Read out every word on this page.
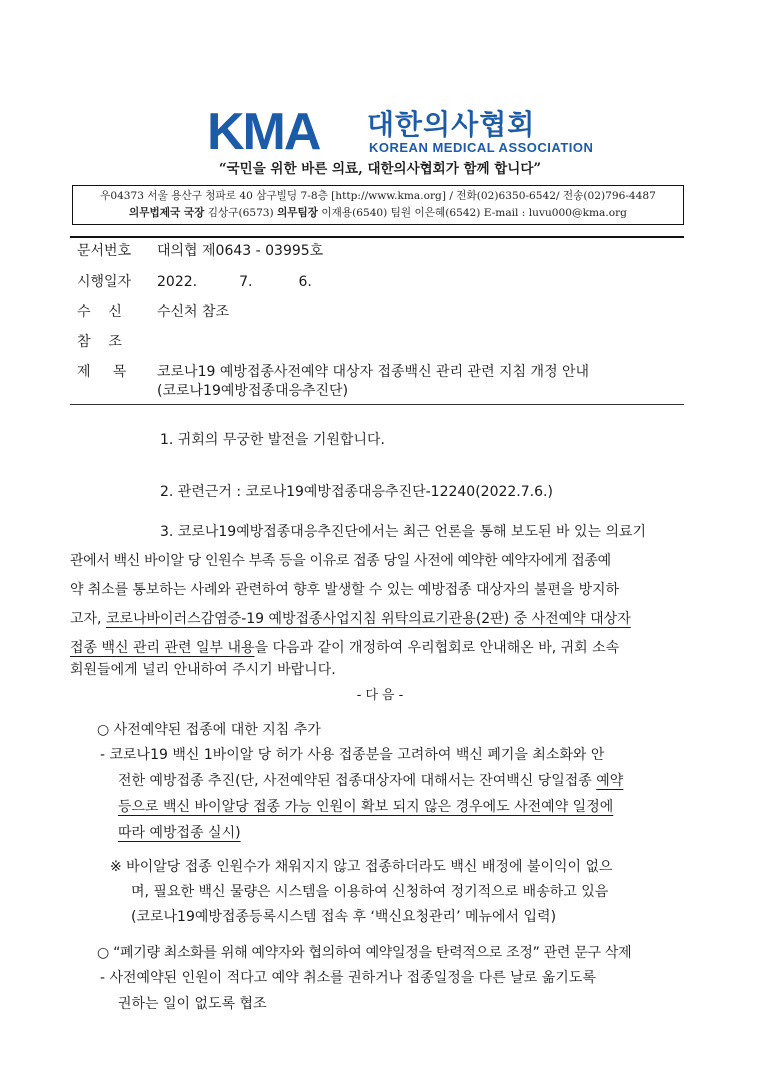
KMA 대한의사협회
KOREAN MEDICAL ASSOCIATION
“국민을 위한 바른 의료, 대한의사협회가 함께 합니다”
우04373 서울 용산구 청파로 40 삼구빌딩 7-8층 [http://www.kma.org] / 전화(02)6350-6542/ 전송(02)796-4487
의무법제국 국장 김상구(6573) 의무팀장 이재용(6540) 팀원 이은혜(6542) E-mail : luvu000@kma.org
문서번호 대의협 제0643 - 03995호
시행일자 2022.	7.	6.
수    신	수신처 참조
참    조
제     목 코로나19 예방접종사전예약 대상자 접종백신 관리 관련 지침 개정 안내
(코로나19예방접종대응추진단)
1. 귀회의 무궁한 발전을 기원합니다.
2. 관련근거 : 코로나19예방접종대응추진단-12240(2022.7.6.)
3. 코로나19예방접종대응추진단에서는 최근 언론을 통해 보도된 바 있는 의료기
관에서 백신 바이알 당 인원수 부족 등을 이유로 접종 당일 사전에 예약한 예약자에게 접종예
약 취소를 통보하는 사례와 관련하여 향후 발생할 수 있는 예방접종 대상자의 불편을 방지하
고자, 코로나바이러스감염증-19 예방접종사업지침 위탁의료기관용(2판) 중 사전예약 대상자
접종 백신 관리 관련 일부 내용을 다음과 같이 개정하여 우리협회로 안내해온 바, 귀회 소속
회원들에게 널리 안내하여 주시기 바랍니다.
- 다 음 -
○ 사전예약된 접종에 대한 지침 추가
- 코로나19 백신 1바이알 당 허가 사용 접종분을 고려하여 백신 폐기을 최소화와 안
전한 예방접종 추진(단, 사전예약된 접종대상자에 대해서는 잔여백신 당일접종 예약
등으로 백신 바이알당 접종 가능 인원이 확보 되지 않은 경우에도 사전예약 일정에
따라 예방접종 실시)
※ 바이알당 접종 인원수가 채워지지 않고 접종하더라도 백신 배정에 불이익이 없으
며, 필요한 백신 물량은 시스템을 이용하여 신청하여 정기적으로 배송하고 있음
(코로나19예방접종등록시스템 접속 후 ‘백신요청관리’ 메뉴에서 입력)
○ “폐기량 최소화를 위해 예약자와 협의하여 예약일정을 탄력적으로 조정” 관련 문구 삭제
- 사전예약된 인원이 적다고 예약 취소를 권하거나 접종일정을 다른 날로 옮기도록
권하는 일이 없도록 협조
